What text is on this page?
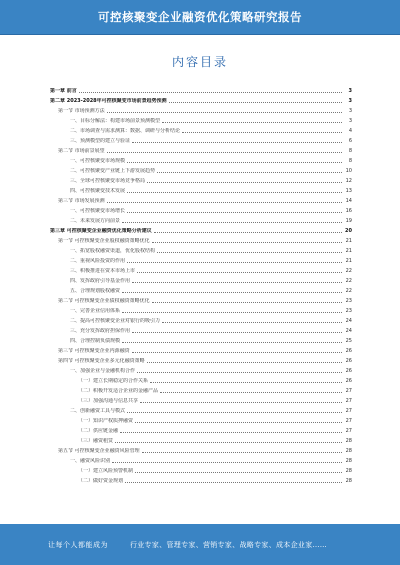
可控核聚变企业融资优化策略研究报告
内容目录
第一章 前言	3
第二章 2023-2028年可控核聚变市场前景趋势预测	3
第一节 市场预测方法	3
一、目标分解法：构建市场前景预测模型	3
二、市场调查与需求测算：数据、调研与分析结论	4
三、预测模型的建立与验证	6
第二节 市场前景展望	8
一、可控核聚变市场规模	8
二、可控核聚变产业链上下游发展趋势	10
三、全球可控核聚变市场竞争格局	12
四、可控核聚变技术发展	13
第三节 市场发展预测	14
一、可控核聚变市场增长	16
二、未来发展方向前景	19
第三章 可控核聚变企业融资优化策略分析建议	20
第一节 可控核聚变企业股权融资策略优化	21
一、拓宽股权融资渠道，优化股权结构	21
二、重视风险投资的作用	21
三、积极推进在资本市场上市	22
四、发挥政府引导基金作用	22
五、合理规划股权融资	22
第二节 可控核聚变企业债权融资策略优化	23
一、完善企业信用体系	23
二、提高可控核聚变企业对银行的吸引力	24
三、充分发挥政府担保作用	24
四、合理控制负债规模	25
第三节 可控核聚变企业内源融资	26
第四节 可控核聚变企业多元化融资策略	26
一、加强企业与金融机构合作	26
（一）建立长期稳定的合作关系	26
（二）积极开发适合企业的金融产品	27
（三）加强沟通与信息共享	27
二、创新融资工具与模式	27
（一）知识产权质押融资	27
（二）供应链金融	27
（三）融资租赁	28
第五节 可控核聚变企业融资风险管理	28
一、融资风险识别	28
（一）建立风险预警机制	28
（二）做好资金规划	28
让每个人都能成为	行业专家、管理专家、营销专家、战略专家、成本企业家……
